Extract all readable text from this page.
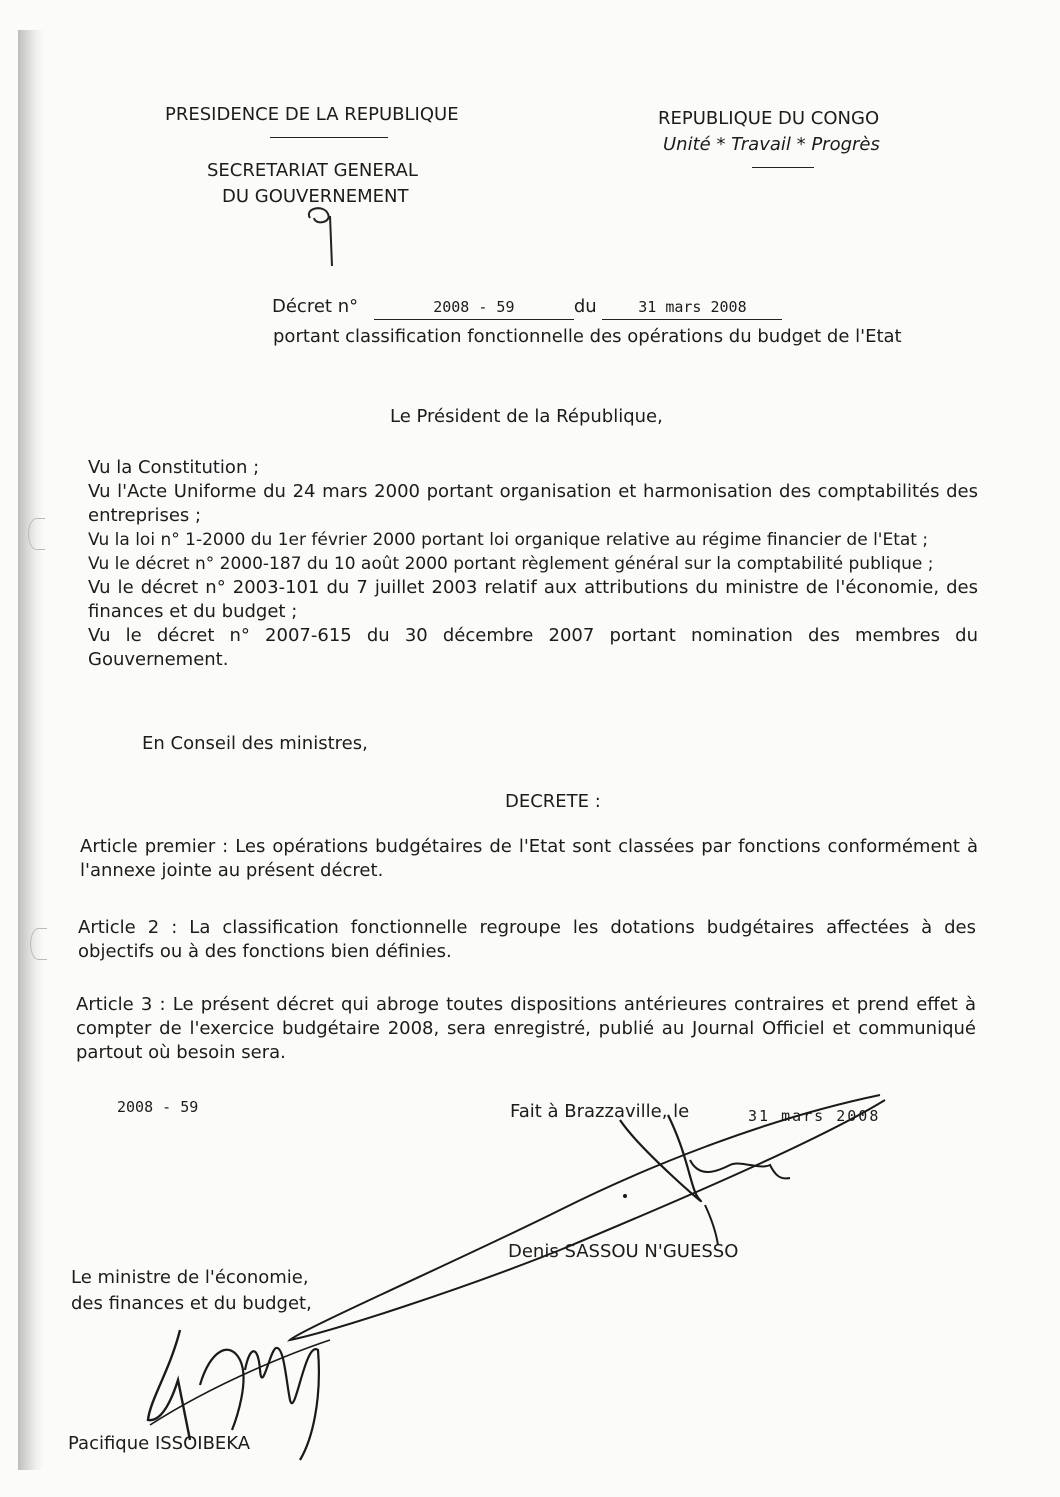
PRESIDENCE DE LA REPUBLIQUE
SECRETARIAT GENERAL
DU GOUVERNEMENT
REPUBLIQUE DU CONGO
Unité * Travail * Progrès
Décret n°	2008 - 59	du	31 mars 2008
portant classification fonctionnelle des opérations du budget de l'Etat
Le Président de la République,
Vu la Constitution ;
Vu l'Acte Uniforme du 24 mars 2000 portant organisation et harmonisation des comptabilités des entreprises ;
Vu la loi n° 1-2000 du 1er février 2000 portant loi organique relative au régime financier de l'Etat ;
Vu le décret n° 2000-187 du 10 août 2000 portant règlement général sur la comptabilité publique ;
Vu le décret n° 2003-101 du 7 juillet 2003 relatif aux attributions du ministre de l'économie, des finances et du budget ;
Vu le décret n° 2007-615 du 30 décembre 2007 portant nomination des membres du Gouvernement.
En Conseil des ministres,
DECRETE :
Article premier : Les opérations budgétaires de l'Etat sont classées par fonctions conformément à l'annexe jointe au présent décret.
Article 2 : La classification fonctionnelle regroupe les dotations budgétaires affectées à des objectifs ou à des fonctions bien définies.
Article 3 : Le présent décret qui abroge toutes dispositions antérieures contraires et prend effet à compter de l'exercice budgétaire 2008, sera enregistré, publié au Journal Officiel et communiqué partout où besoin sera.
2008 - 59	Fait à Brazzaville, le	31 mars 2008
Denis SASSOU N'GUESSO
Le ministre de l'économie,
des finances et du budget,
Pacifique ISSOIBEKA
